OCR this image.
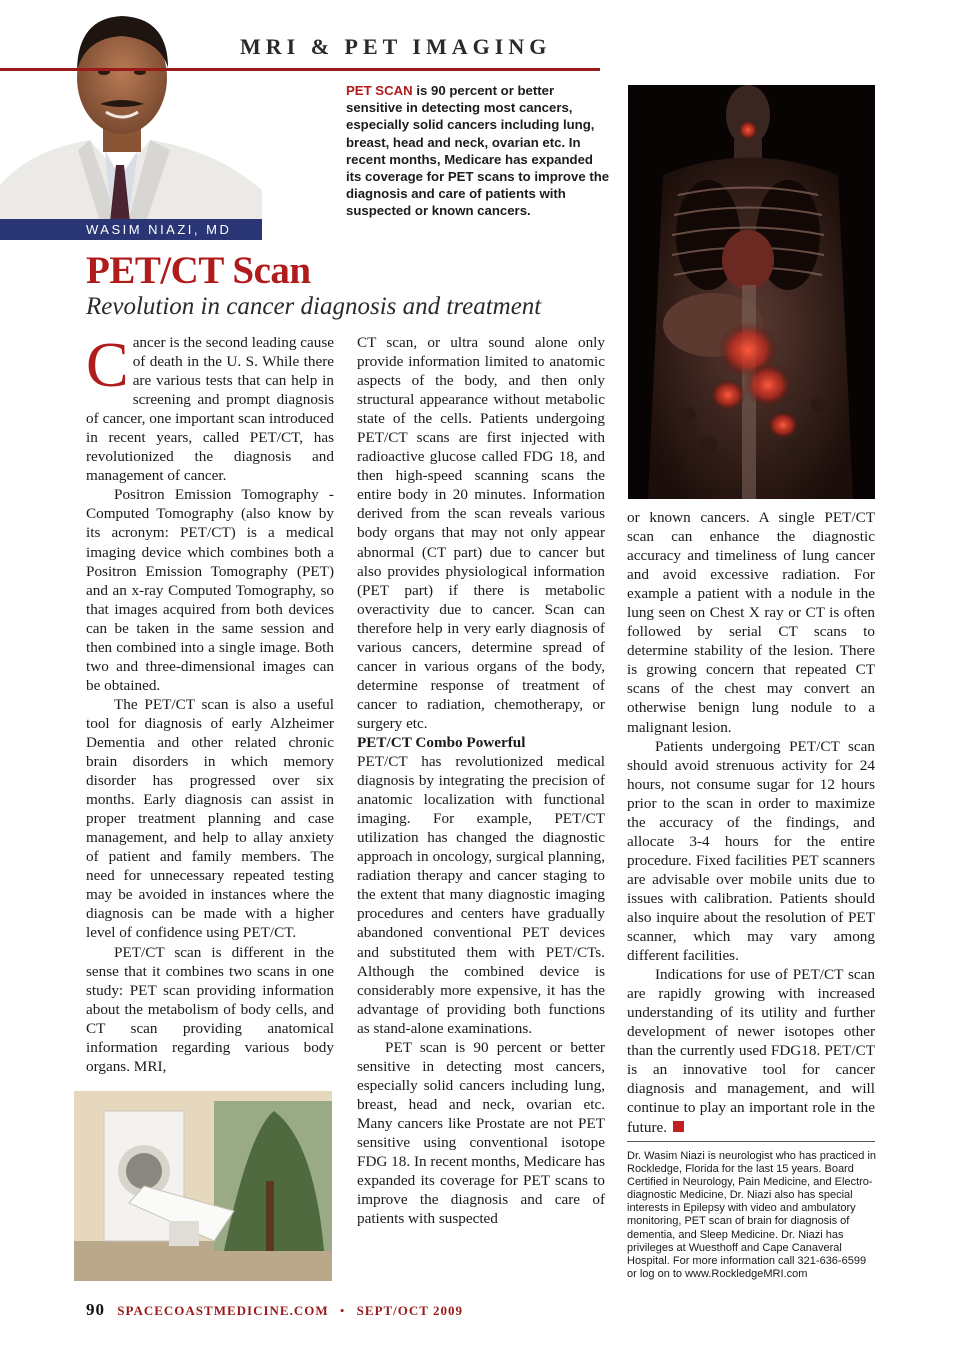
WASIM NIAZI, MD
MRI & PET IMAGING
PET SCAN is 90 percent or better sensitive in detecting most cancers, especially solid cancers including lung, breast, head and neck, ovarian etc. In recent months, Medicare has expanded its coverage for PET scans to improve the diagnosis and care of patients with suspected or known cancers.
PET/CT Scan
Revolution in cancer diagnosis and treatment

Cancer is the second leading cause of death in the U. S. While there are various tests that can help in screening and prompt diagnosis of cancer, one important scan introduced in recent years, called PET/CT, has revolutionized the diagnosis and management of cancer.

Positron Emission Tomography - Computed Tomography (also know by its acronym: PET/CT) is a medical imaging device which combines both a Positron Emission Tomography (PET) and an x-ray Computed Tomography, so that images acquired from both devices can be taken in the same session and then combined into a single image. Both two and three-dimensional images can be obtained.

The PET/CT scan is also a useful tool for diagnosis of early Alzheimer Dementia and other related chronic brain disorders in which memory disorder has progressed over six months. Early diagnosis can assist in proper treatment planning and case management, and help to allay anxiety of patient and family members. The need for unnecessary repeated testing may be avoided in instances where the diagnosis can be made with a higher level of confidence using PET/CT.

PET/CT scan is different in the sense that it combines two scans in one study: PET scan providing information about the metabolism of body cells, and CT scan providing anatomical information regarding various body organs. MRI,

CT scan, or ultra sound alone only provide information limited to anatomic aspects of the body, and then only structural appearance without metabolic state of the cells. Patients undergoing PET/CT scans are first injected with radioactive glucose called FDG 18, and then high-speed scanning scans the entire body in 20 minutes. Information derived from the scan reveals various body organs that may not only appear abnormal (CT part) due to cancer but also provides physiological information (PET part) if there is metabolic overactivity due to cancer. Scan can therefore help in very early diagnosis of various cancers, determine spread of cancer in various organs of the body, determine response of treatment of cancer to radiation, chemotherapy, or surgery etc.

PET/CT Combo Powerful

PET/CT has revolutionized medical diagnosis by integrating the precision of anatomic localization with functional imaging. For example, PET/CT utilization has changed the diagnostic approach in oncology, surgical planning, radiation therapy and cancer staging to the extent that many diagnostic imaging procedures and centers have gradually abandoned conventional PET devices and substituted them with PET/CTs. Although the combined device is considerably more expensive, it has the advantage of providing both functions as stand-alone examinations.

PET scan is 90 percent or better sensitive in detecting most cancers, especially solid cancers including lung, breast, head and neck, ovarian etc. Many cancers like Prostate are not PET sensitive using conventional isotope FDG 18. In recent months, Medicare has expanded its coverage for PET scans to improve the diagnosis and care of patients with suspected

or known cancers. A single PET/CT scan can enhance the diagnostic accuracy and timeliness of lung cancer and avoid excessive radiation. For example a patient with a nodule in the lung seen on Chest X ray or CT is often followed by serial CT scans to determine stability of the lesion. There is growing concern that repeated CT scans of the chest may convert an otherwise benign lung nodule to a malignant lesion.

Patients undergoing PET/CT scan should avoid strenuous activity for 24 hours, not consume sugar for 12 hours prior to the scan in order to maximize the accuracy of the findings, and allocate 3-4 hours for the entire procedure. Fixed facilities PET scanners are advisable over mobile units due to issues with calibration. Patients should also inquire about the resolution of PET scanner, which may vary among different facilities.

Indications for use of PET/CT scan are rapidly growing with increased understanding of its utility and further development of newer isotopes other than the currently used FDG18. PET/CT is an innovative tool for cancer diagnosis and management, and will continue to play an important role in the future.

Dr. Wasim Niazi is neurologist who has practiced in Rockledge, Florida for the last 15 years. Board Certified in Neurology, Pain Medicine, and Electro-diagnostic Medicine, Dr. Niazi also has special interests in Epilepsy with video and ambulatory monitoring, PET scan of brain for diagnosis of dementia, and Sleep Medicine. Dr. Niazi has privileges at Wuesthoff and Cape Canaveral Hospital. For more information call 321-636-6599 or log on to www.RockledgeMRI.com
90 SPACECOASTMEDICINE.COM • SEPT/OCT 2009
